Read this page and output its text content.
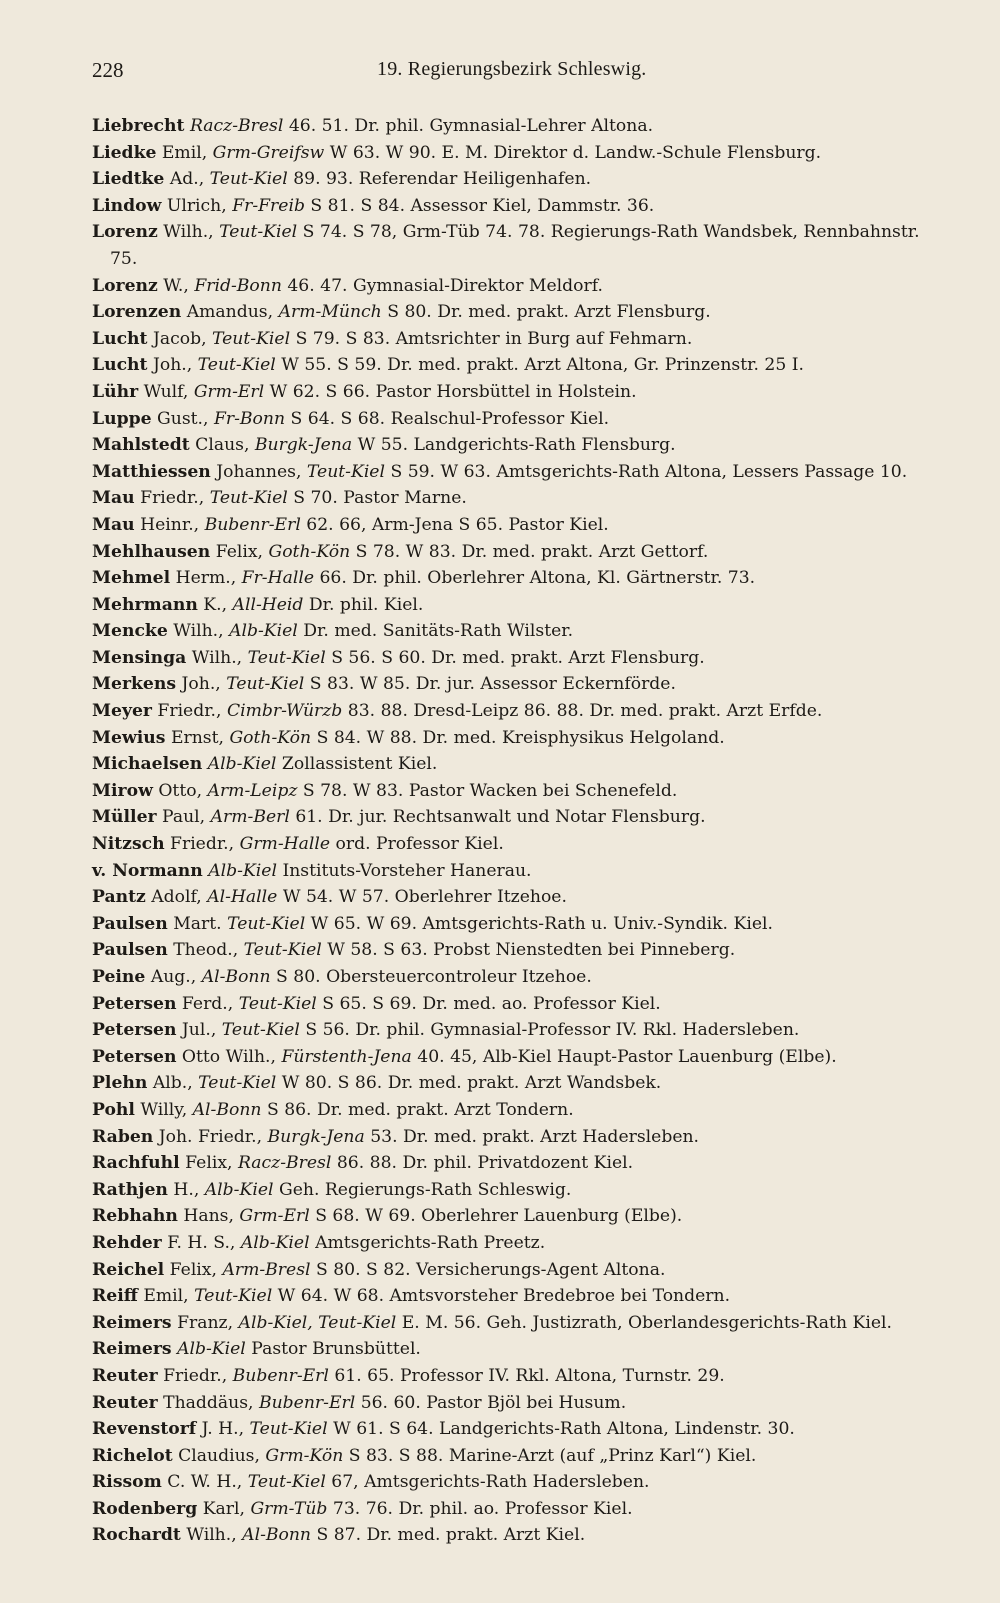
228	19. Regierungsbezirk Schleswig.
Liebrecht Racz-Bresl 46. 51. Dr. phil. Gymnasial-Lehrer Altona.
Liedke Emil, Grm-Greifsw W 63. W 90. E. M. Direktor d. Landw.-Schule Flensburg.
Liedtke Ad., Teut-Kiel 89. 93. Referendar Heiligenhafen.
Lindow Ulrich, Fr-Freib S 81. S 84. Assessor Kiel, Dammstr. 36.
Lorenz Wilh., Teut-Kiel S 74. S 78, Grm-Tüb 74. 78. Regierungs-Rath Wandsbek, Rennbahnstr. 75.
Lorenz W., Frid-Bonn 46. 47. Gymnasial-Direktor Meldorf.
Lorenzen Amandus, Arm-Münch S 80. Dr. med. prakt. Arzt Flensburg.
Lucht Jacob, Teut-Kiel S 79. S 83. Amtsrichter in Burg auf Fehmarn.
Lucht Joh., Teut-Kiel W 55. S 59. Dr. med. prakt. Arzt Altona, Gr. Prinzenstr. 25 I.
Lühr Wulf, Grm-Erl W 62. S 66. Pastor Horsbüttel in Holstein.
Luppe Gust., Fr-Bonn S 64. S 68. Realschul-Professor Kiel.
Mahlstedt Claus, Burgk-Jena W 55. Landgerichts-Rath Flensburg.
Matthiessen Johannes, Teut-Kiel S 59. W 63. Amtsgerichts-Rath Altona, Lessers Passage 10.
Mau Friedr., Teut-Kiel S 70. Pastor Marne.
Mau Heinr., Bubenr-Erl 62. 66, Arm-Jena S 65. Pastor Kiel.
Mehlhausen Felix, Goth-Kön S 78. W 83. Dr. med. prakt. Arzt Gettorf.
Mehmel Herm., Fr-Halle 66. Dr. phil. Oberlehrer Altona, Kl. Gärtnerstr. 73.
Mehrmann K., All-Heid Dr. phil. Kiel.
Mencke Wilh., Alb-Kiel Dr. med. Sanitäts-Rath Wilster.
Mensinga Wilh., Teut-Kiel S 56. S 60. Dr. med. prakt. Arzt Flensburg.
Merkens Joh., Teut-Kiel S 83. W 85. Dr. jur. Assessor Eckernförde.
Meyer Friedr., Cimbr-Würzb 83. 88. Dresd-Leipz 86. 88. Dr. med. prakt. Arzt Erfde.
Mewius Ernst, Goth-Kön S 84. W 88. Dr. med. Kreisphysikus Helgoland.
Michaelsen Alb-Kiel Zollassistent Kiel.
Mirow Otto, Arm-Leipz S 78. W 83. Pastor Wacken bei Schenefeld.
Müller Paul, Arm-Berl 61. Dr. jur. Rechtsanwalt und Notar Flensburg.
Nitzsch Friedr., Grm-Halle ord. Professor Kiel.
v. Normann Alb-Kiel Instituts-Vorsteher Hanerau.
Pantz Adolf, Al-Halle W 54. W 57. Oberlehrer Itzehoe.
Paulsen Mart. Teut-Kiel W 65. W 69. Amtsgerichts-Rath u. Univ.-Syndik. Kiel.
Paulsen Theod., Teut-Kiel W 58. S 63. Probst Nienstedten bei Pinneberg.
Peine Aug., Al-Bonn S 80. Obersteuercontroleur Itzehoe.
Petersen Ferd., Teut-Kiel S 65. S 69. Dr. med. ao. Professor Kiel.
Petersen Jul., Teut-Kiel S 56. Dr. phil. Gymnasial-Professor IV. Rkl. Hadersleben.
Petersen Otto Wilh., Fürstenth-Jena 40. 45, Alb-Kiel Haupt-Pastor Lauenburg (Elbe).
Plehn Alb., Teut-Kiel W 80. S 86. Dr. med. prakt. Arzt Wandsbek.
Pohl Willy, Al-Bonn S 86. Dr. med. prakt. Arzt Tondern.
Raben Joh. Friedr., Burgk-Jena 53. Dr. med. prakt. Arzt Hadersleben.
Rachfuhl Felix, Racz-Bresl 86. 88. Dr. phil. Privatdozent Kiel.
Rathjen H., Alb-Kiel Geh. Regierungs-Rath Schleswig.
Rebhahn Hans, Grm-Erl S 68. W 69. Oberlehrer Lauenburg (Elbe).
Rehder F. H. S., Alb-Kiel Amtsgerichts-Rath Preetz.
Reichel Felix, Arm-Bresl S 80. S 82. Versicherungs-Agent Altona.
Reiff Emil, Teut-Kiel W 64. W 68. Amtsvorsteher Bredebroe bei Tondern.
Reimers Franz, Alb-Kiel, Teut-Kiel E. M. 56. Geh. Justizrath, Oberlandesgerichts-Rath Kiel.
Reimers Alb-Kiel Pastor Brunsbüttel.
Reuter Friedr., Bubenr-Erl 61. 65. Professor IV. Rkl. Altona, Turnstr. 29.
Reuter Thaddäus, Bubenr-Erl 56. 60. Pastor Bjöl bei Husum.
Revenstorf J. H., Teut-Kiel W 61. S 64. Landgerichts-Rath Altona, Lindenstr. 30.
Richelot Claudius, Grm-Kön S 83. S 88. Marine-Arzt (auf „Prinz Karl“) Kiel.
Rissom C. W. H., Teut-Kiel 67, Amtsgerichts-Rath Hadersleben.
Rodenberg Karl, Grm-Tüb 73. 76. Dr. phil. ao. Professor Kiel.
Rochardt Wilh., Al-Bonn S 87. Dr. med. prakt. Arzt Kiel.
